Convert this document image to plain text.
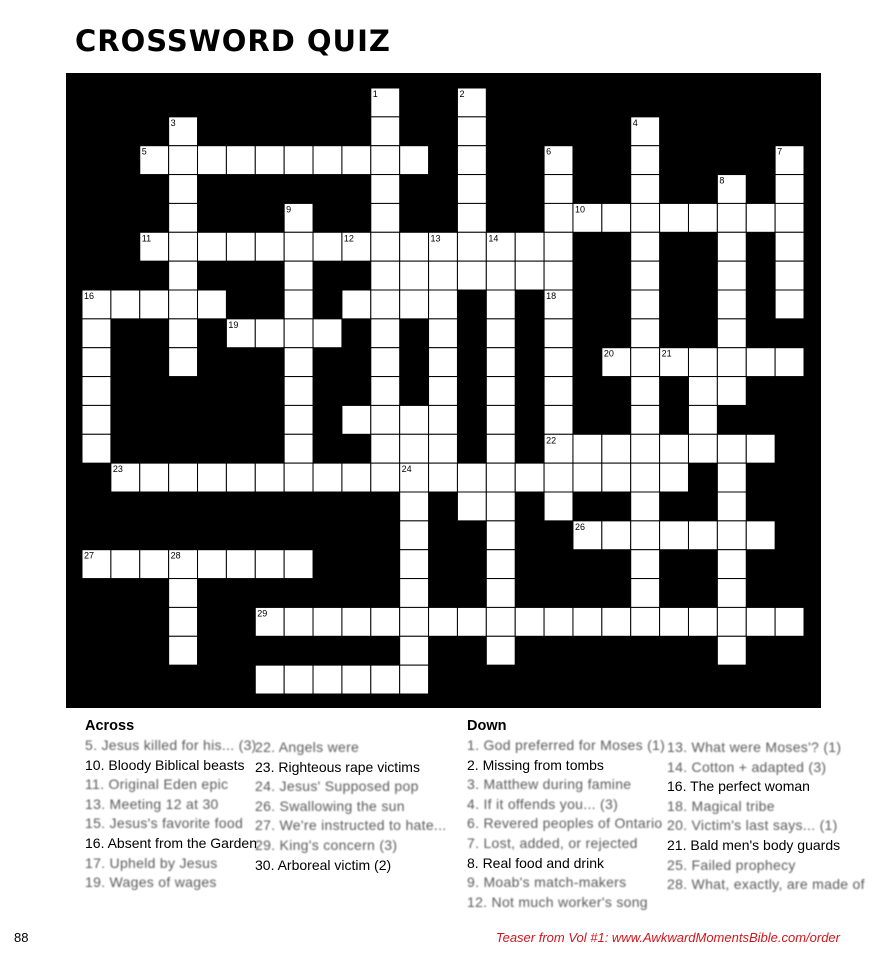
CROSSWORD QUIZ
1	2
3	4
5	6	7
8
9	10
11	12	13	14
15
16	17	18
19
20	21
22
23	24
25
26
27	28
29
30
Across
5. Jesus killed for his... (3)
10. Bloody Biblical beasts
11. Original Eden epic
13. Meeting 12 at 30
15. Jesus's favorite food
16. Absent from the Garden
17. Upheld by Jesus
19. Wages of wages
22. Angels were
23. Righteous rape victims
24. Jesus' Supposed pop
26. Swallowing the sun
27. We're instructed to hate...
29. King's concern (3)
30. Arboreal victim (2)
Down
1. God preferred for Moses (1)
2. Missing from tombs
3. Matthew during famine
4. If it offends you... (3)
6. Revered peoples of Ontario
7. Lost, added, or rejected
8. Real food and drink
9. Moab's match-makers
12. Not much worker's song
13. What were Moses'? (1)
14. Cotton + adapted (3)
16. The perfect woman
18. Magical tribe
20. Victim's last says... (1)
21. Bald men's body guards
25. Failed prophecy
28. What, exactly, are made of
88	Teaser from Vol #1: www.AwkwardMomentsBible.com/order
